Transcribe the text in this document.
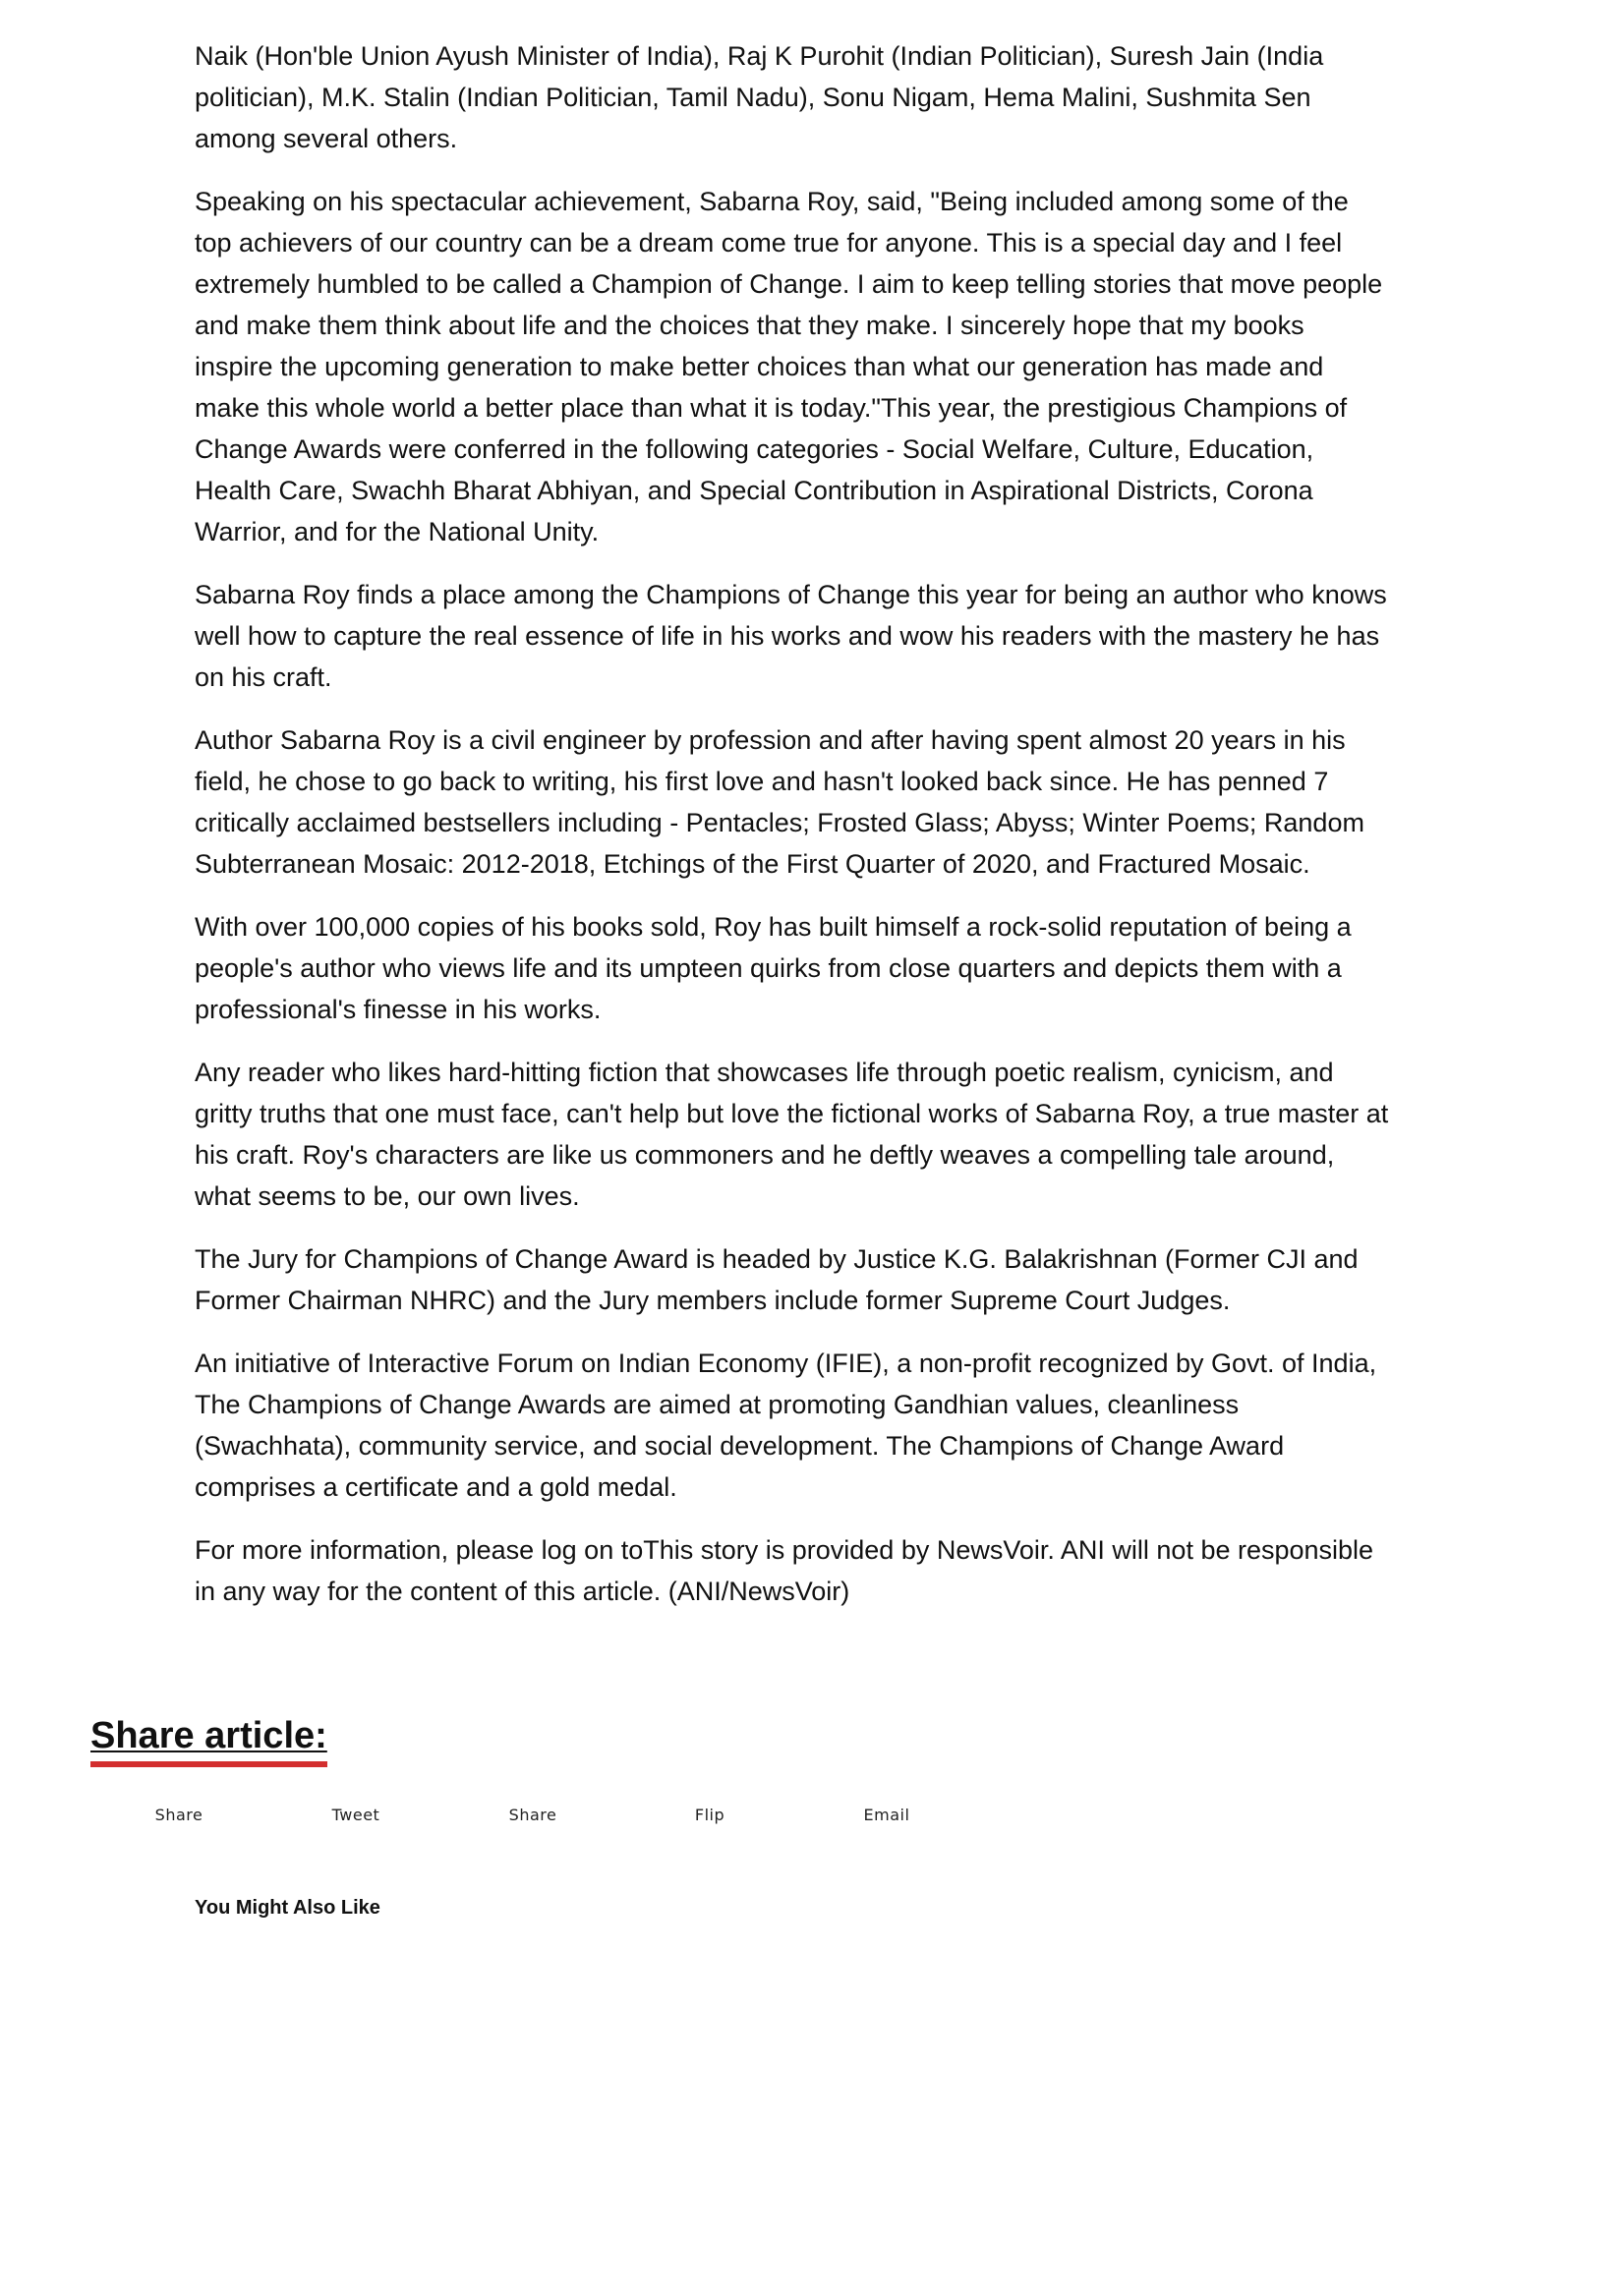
Naik (Hon'ble Union Ayush Minister of India), Raj K Purohit (Indian Politician), Suresh Jain (India politician), M.K. Stalin (Indian Politician, Tamil Nadu), Sonu Nigam, Hema Malini, Sushmita Sen among several others.

Speaking on his spectacular achievement, Sabarna Roy, said, "Being included among some of the top achievers of our country can be a dream come true for anyone. This is a special day and I feel extremely humbled to be called a Champion of Change. I aim to keep telling stories that move people and make them think about life and the choices that they make. I sincerely hope that my books inspire the upcoming generation to make better choices than what our generation has made and make this whole world a better place than what it is today."This year, the prestigious Champions of Change Awards were conferred in the following categories - Social Welfare, Culture, Education, Health Care, Swachh Bharat Abhiyan, and Special Contribution in Aspirational Districts, Corona Warrior, and for the National Unity.

Sabarna Roy finds a place among the Champions of Change this year for being an author who knows well how to capture the real essence of life in his works and wow his readers with the mastery he has on his craft.

Author Sabarna Roy is a civil engineer by profession and after having spent almost 20 years in his field, he chose to go back to writing, his first love and hasn't looked back since. He has penned 7 critically acclaimed bestsellers including - Pentacles; Frosted Glass; Abyss; Winter Poems; Random Subterranean Mosaic: 2012-2018, Etchings of the First Quarter of 2020, and Fractured Mosaic.

With over 100,000 copies of his books sold, Roy has built himself a rock-solid reputation of being a people's author who views life and its umpteen quirks from close quarters and depicts them with a professional's finesse in his works.

Any reader who likes hard-hitting fiction that showcases life through poetic realism, cynicism, and gritty truths that one must face, can't help but love the fictional works of Sabarna Roy, a true master at his craft. Roy's characters are like us commoners and he deftly weaves a compelling tale around, what seems to be, our own lives.

The Jury for Champions of Change Award is headed by Justice K.G. Balakrishnan (Former CJI and Former Chairman NHRC) and the Jury members include former Supreme Court Judges.

An initiative of Interactive Forum on Indian Economy (IFIE), a non-profit recognized by Govt. of India, The Champions of Change Awards are aimed at promoting Gandhian values, cleanliness (Swachhata), community service, and social development. The Champions of Change Award comprises a certificate and a gold medal.

For more information, please log on toThis story is provided by NewsVoir. ANI will not be responsible in any way for the content of this article. (ANI/NewsVoir)

Share article:
Share	Tweet	Share	Flip	Email
You Might Also Like
